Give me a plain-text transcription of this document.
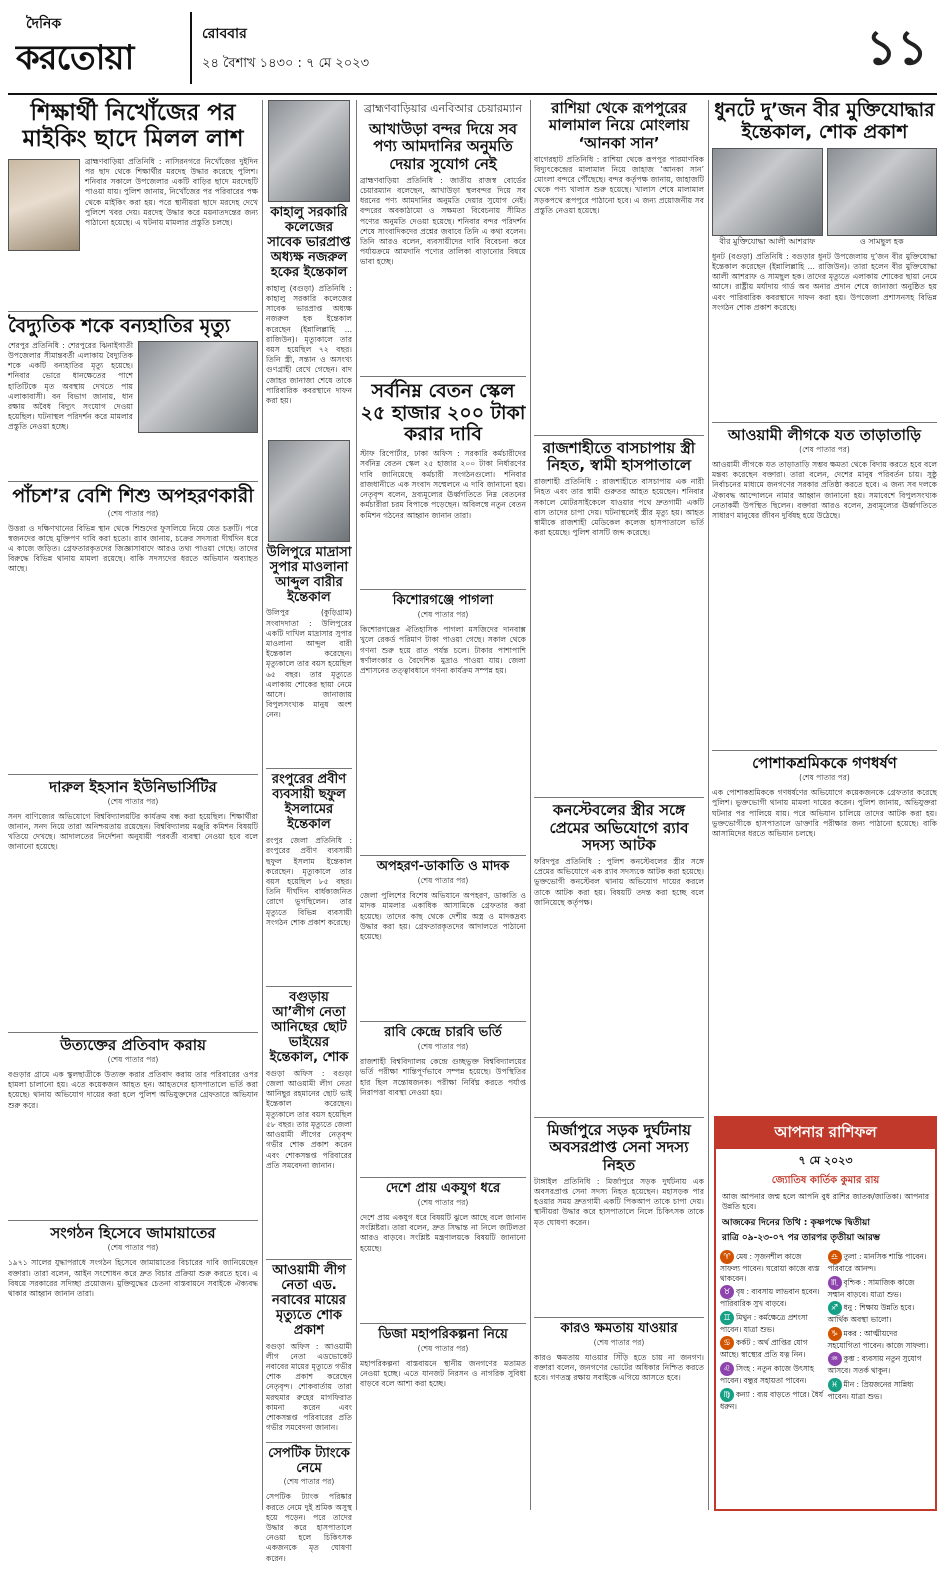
দৈনিক
করতোয়া
রোববার
২৪ বৈশাখ ১৪৩০ : ৭ মে ২০২৩	১১
শিক্ষার্থী নিখোঁজের পর মাইকিং ছাদে মিলল লাশ
ব্রাহ্মণবাড়িয়া প্রতিনিধি : নাসিরনগরে নিখোঁজের দুইদিন পর ছাদ থেকে শিক্ষার্থীর মরদেহ উদ্ধার করেছে পুলিশ। শনিবার সকালে উপজেলার একটি বাড়ির ছাদে মরদেহটি পাওয়া যায়। পুলিশ জানায়, নিখোঁজের পর পরিবারের পক্ষ থেকে মাইকিং করা হয়। পরে স্থানীয়রা ছাদে মরদেহ দেখে পুলিশে খবর দেয়। মরদেহ উদ্ধার করে ময়নাতদন্তের জন্য পাঠানো হয়েছে। এ ঘটনায় মামলার প্রস্তুতি চলছে।
বৈদ্যুতিক শকে বন্যহাতির মৃত্যু
শেরপুর প্রতিনিধি : শেরপুরের ঝিনাইগাতী উপজেলার সীমান্তবর্তী এলাকায় বৈদ্যুতিক শকে একটি বন্যহাতির মৃত্যু হয়েছে। শনিবার ভোরে ধানক্ষেতের পাশে হাতিটিকে মৃত অবস্থায় দেখতে পায় এলাকাবাসী। বন বিভাগ জানায়, ধান রক্ষায় অবৈধ বিদ্যুৎ সংযোগ দেওয়া হয়েছিল। ঘটনাস্থল পরিদর্শন করে মামলার প্রস্তুতি নেওয়া হচ্ছে।
পাঁচশ’র বেশি শিশু অপহরণকারী
(শেষ পাতার পর)
উত্তরা ও দক্ষিণখানের বিভিন্ন স্থান থেকে শিশুদের ফুসলিয়ে নিয়ে যেত চক্রটি। পরে স্বজনদের কাছে মুক্তিপণ দাবি করা হতো। র‌্যাব জানায়, চক্রের সদস্যরা দীর্ঘদিন ধরে এ কাজে জড়িত। গ্রেফতারকৃতদের জিজ্ঞাসাবাদে আরও তথ্য পাওয়া গেছে। তাদের বিরুদ্ধে বিভিন্ন থানায় মামলা রয়েছে। বাকি সদস্যদের ধরতে অভিযান অব্যাহত আছে।
দারুল ইহসান ইউনিভার্সিটির
(শেষ পাতার পর)
সনদ বাণিজ্যের অভিযোগে বিশ্ববিদ্যালয়টির কার্যক্রম বন্ধ করা হয়েছিল। শিক্ষার্থীরা জানান, সনদ নিয়ে তারা অনিশ্চয়তায় রয়েছেন। বিশ্ববিদ্যালয় মঞ্জুরি কমিশন বিষয়টি খতিয়ে দেখছে। আদালতের নির্দেশনা অনুযায়ী পরবর্তী ব্যবস্থা নেওয়া হবে বলে জানানো হয়েছে।
উত্যক্তের প্রতিবাদ করায়
(শেষ পাতার পর)
বগুড়ার গ্রামে এক স্কুলছাত্রীকে উত্যক্ত করার প্রতিবাদ করায় তার পরিবারের ওপর হামলা চালানো হয়। এতে কয়েকজন আহত হন। আহতদের হাসপাতালে ভর্তি করা হয়েছে। থানায় অভিযোগ দায়ের করা হলে পুলিশ অভিযুক্তদের গ্রেফতারে অভিযান শুরু করে।
সংগঠন হিসেবে জামায়াতের
(শেষ পাতার পর)
১৯৭১ সালের যুদ্ধাপরাধে সংগঠন হিসেবে জামায়াতের বিচারের দাবি জানিয়েছেন বক্তারা। তারা বলেন, আইন সংশোধন করে দ্রুত বিচার প্রক্রিয়া শুরু করতে হবে। এ বিষয়ে সরকারের সদিচ্ছা প্রয়োজন। মুক্তিযুদ্ধের চেতনা বাস্তবায়নে সবাইকে ঐক্যবদ্ধ থাকার আহ্বান জানান তারা।
কাহালু সরকারি কলেজের সাবেক ভারপ্রাপ্ত অধ্যক্ষ নজরুল হকের ইন্তেকাল
কাহালু (বগুড়া) প্রতিনিধি : কাহালু সরকারি কলেজের সাবেক ভারপ্রাপ্ত অধ্যক্ষ নজরুল হক ইন্তেকাল করেছেন (ইন্নালিল্লাহি ... রাজিউন)। মৃত্যুকালে তার বয়স হয়েছিল ৭২ বছর। তিনি স্ত্রী, সন্তান ও অসংখ্য গুণগ্রাহী রেখে গেছেন। বাদ জোহর জানাজা শেষে তাকে পারিবারিক কবরস্থানে দাফন করা হয়।
উলিপুরে মাদ্রাসা সুপার মাওলানা আব্দুল বারীর ইন্তেকাল
উলিপুর (কুড়িগ্রাম) সংবাদদাতা : উলিপুরের একটি দাখিল মাদ্রাসার সুপার মাওলানা আব্দুল বারী ইন্তেকাল করেছেন। মৃত্যুকালে তার বয়স হয়েছিল ৬৫ বছর। তার মৃত্যুতে এলাকায় শোকের ছায়া নেমে আসে। জানাজায় বিপুলসংখ্যক মানুষ অংশ নেন।
রংপুরের প্রবীণ ব্যবসায়ী ছফুল ইসলামের ইন্তেকাল
রংপুর জেলা প্রতিনিধি : রংপুরের প্রবীণ ব্যবসায়ী ছফুল ইসলাম ইন্তেকাল করেছেন। মৃত্যুকালে তার বয়স হয়েছিল ৮৫ বছর। তিনি দীর্ঘদিন বার্ধক্যজনিত রোগে ভুগছিলেন। তার মৃত্যুতে বিভিন্ন ব্যবসায়ী সংগঠন শোক প্রকাশ করেছে।
বগুড়ায় আ’লীগ নেতা আনিছের ছোট ভাইয়ের ইন্তেকাল, শোক
বগুড়া অফিস : বগুড়া জেলা আওয়ামী লীগ নেতা আনিছুর রহমানের ছোট ভাই ইন্তেকাল করেছেন। মৃত্যুকালে তার বয়স হয়েছিল ৫৮ বছর। তার মৃত্যুতে জেলা আওয়ামী লীগের নেতৃবৃন্দ গভীর শোক প্রকাশ করেন এবং শোকসন্তপ্ত পরিবারের প্রতি সমবেদনা জানান।
আওয়ামী লীগ নেতা এড. নবাবের মায়ের মৃত্যুতে শোক প্রকাশ
বগুড়া অফিস : আওয়ামী লীগ নেতা এডভোকেট নবাবের মায়ের মৃত্যুতে গভীর শোক প্রকাশ করেছেন নেতৃবৃন্দ। শোকবার্তায় তারা মরহুমার রুহের মাগফিরাত কামনা করেন এবং শোকসন্তপ্ত পরিবারের প্রতি গভীর সমবেদনা জানান।
সেপটিক ট্যাংকে নেমে
(শেষ পাতার পর)
সেপটিক ট্যাংক পরিষ্কার করতে নেমে দুই শ্রমিক অসুস্থ হয়ে পড়েন। পরে তাদের উদ্ধার করে হাসপাতালে নেওয়া হলে চিকিৎসক একজনকে মৃত ঘোষণা করেন।
ব্রাহ্মণবাড়িয়ার এনবিআর চেয়ারম্যান
আখাউড়া বন্দর দিয়ে সব পণ্য আমদানির অনুমতি দেয়ার সুযোগ নেই
ব্রাহ্মণবাড়িয়া প্রতিনিধি : জাতীয় রাজস্ব বোর্ডের চেয়ারম্যান বলেছেন, আখাউড়া স্থলবন্দর দিয়ে সব ধরনের পণ্য আমদানির অনুমতি দেয়ার সুযোগ নেই। বন্দরের অবকাঠামো ও সক্ষমতা বিবেচনায় সীমিত পণ্যের অনুমতি দেওয়া হয়েছে। শনিবার বন্দর পরিদর্শন শেষে সাংবাদিকদের প্রশ্নের জবাবে তিনি এ কথা বলেন। তিনি আরও বলেন, ব্যবসায়ীদের দাবি বিবেচনা করে পর্যায়ক্রমে আমদানি পণ্যের তালিকা বাড়ানোর বিষয়ে ভাবা হচ্ছে।
সর্বনিম্ন বেতন স্কেল ২৫ হাজার ২০০ টাকা করার দাবি
স্টাফ রিপোর্টার, ঢাকা অফিস : সরকারি কর্মচারীদের সর্বনিম্ন বেতন স্কেল ২৫ হাজার ২০০ টাকা নির্ধারণের দাবি জানিয়েছে কর্মচারী সংগঠনগুলো। শনিবার রাজধানীতে এক সংবাদ সম্মেলনে এ দাবি জানানো হয়। নেতৃবৃন্দ বলেন, দ্রব্যমূল্যের ঊর্ধ্বগতিতে নিম্ন বেতনের কর্মচারীরা চরম বিপাকে পড়েছেন। অবিলম্বে নতুন বেতন কমিশন গঠনের আহ্বান জানান তারা।
কিশোরগঞ্জে পাগলা
(শেষ পাতার পর)
কিশোরগঞ্জের ঐতিহাসিক পাগলা মসজিদের দানবাক্স খুলে রেকর্ড পরিমাণ টাকা পাওয়া গেছে। সকাল থেকে গণনা শুরু হয়ে রাত পর্যন্ত চলে। টাকার পাশাপাশি স্বর্ণালংকার ও বৈদেশিক মুদ্রাও পাওয়া যায়। জেলা প্রশাসনের তত্ত্বাবধানে গণনা কার্যক্রম সম্পন্ন হয়।
অপহরণ-ডাকাতি ও মাদক
(শেষ পাতার পর)
জেলা পুলিশের বিশেষ অভিযানে অপহরণ, ডাকাতি ও মাদক মামলার একাধিক আসামিকে গ্রেফতার করা হয়েছে। তাদের কাছ থেকে দেশীয় অস্ত্র ও মাদকদ্রব্য উদ্ধার করা হয়। গ্রেফতারকৃতদের আদালতে পাঠানো হয়েছে।
রাবি কেন্দ্রে চারবি ভর্তি
(শেষ পাতার পর)
রাজশাহী বিশ্ববিদ্যালয় কেন্দ্রে গুচ্ছভুক্ত বিশ্ববিদ্যালয়ের ভর্তি পরীক্ষা শান্তিপূর্ণভাবে সম্পন্ন হয়েছে। উপস্থিতির হার ছিল সন্তোষজনক। পরীক্ষা নির্বিঘ্ন করতে পর্যাপ্ত নিরাপত্তা ব্যবস্থা নেওয়া হয়।
দেশে প্রায় একযুগ ধরে
(শেষ পাতার পর)
দেশে প্রায় একযুগ ধরে বিষয়টি ঝুলে আছে বলে জানান সংশ্লিষ্টরা। তারা বলেন, দ্রুত সিদ্ধান্ত না নিলে জটিলতা আরও বাড়বে। সংশ্লিষ্ট মন্ত্রণালয়কে বিষয়টি জানানো হয়েছে।
ডিজা মহাপরিকল্পনা নিয়ে
(শেষ পাতার পর)
মহাপরিকল্পনা বাস্তবায়নে স্থানীয় জনগণের মতামত নেওয়া হচ্ছে। এতে যানজট নিরসন ও নাগরিক সুবিধা বাড়বে বলে আশা করা হচ্ছে।
রাশিয়া থেকে রূপপুরের মালামাল নিয়ে মোংলায় ‘আনকা সান’
বাগেরহাট প্রতিনিধি : রাশিয়া থেকে রূপপুর পারমাণবিক বিদ্যুৎকেন্দ্রের মালামাল নিয়ে জাহাজ ‘আনকা সান’ মোংলা বন্দরে পৌঁছেছে। বন্দর কর্তৃপক্ষ জানায়, জাহাজটি থেকে পণ্য খালাস শুরু হয়েছে। খালাস শেষে মালামাল সড়কপথে রূপপুরে পাঠানো হবে। এ জন্য প্রয়োজনীয় সব প্রস্তুতি নেওয়া হয়েছে।
রাজশাহীতে বাসচাপায় স্ত্রী নিহত, স্বামী হাসপাতালে
রাজশাহী প্রতিনিধি : রাজশাহীতে বাসচাপায় এক নারী নিহত এবং তার স্বামী গুরুতর আহত হয়েছেন। শনিবার সকালে মোটরসাইকেলে যাওয়ার পথে দ্রুতগামী একটি বাস তাদের চাপা দেয়। ঘটনাস্থলেই স্ত্রীর মৃত্যু হয়। আহত স্বামীকে রাজশাহী মেডিকেল কলেজ হাসপাতালে ভর্তি করা হয়েছে। পুলিশ বাসটি জব্দ করেছে।
কনস্টেবলের স্ত্রীর সঙ্গে প্রেমের অভিযোগে র‌্যাব সদস্য আটক
ফরিদপুর প্রতিনিধি : পুলিশ কনস্টেবলের স্ত্রীর সঙ্গে প্রেমের অভিযোগে এক র‌্যাব সদস্যকে আটক করা হয়েছে। ভুক্তভোগী কনস্টেবল থানায় অভিযোগ দায়ের করলে তাকে আটক করা হয়। বিষয়টি তদন্ত করা হচ্ছে বলে জানিয়েছে কর্তৃপক্ষ।
মির্জাপুরে সড়ক দুর্ঘটনায় অবসরপ্রাপ্ত সেনা সদস্য নিহত
টাঙ্গাইল প্রতিনিধি : মির্জাপুরে সড়ক দুর্ঘটনায় এক অবসরপ্রাপ্ত সেনা সদস্য নিহত হয়েছেন। মহাসড়ক পার হওয়ার সময় দ্রুতগামী একটি পিকআপ তাকে চাপা দেয়। স্থানীয়রা উদ্ধার করে হাসপাতালে নিলে চিকিৎসক তাকে মৃত ঘোষণা করেন।
কারও ক্ষমতায় যাওয়ার
(শেষ পাতার পর)
কারও ক্ষমতায় যাওয়ার সিঁড়ি হতে চায় না জনগণ। বক্তারা বলেন, জনগণের ভোটের অধিকার নিশ্চিত করতে হবে। গণতন্ত্র রক্ষায় সবাইকে এগিয়ে আসতে হবে।
ধুনটে দু’জন বীর মুক্তিযোদ্ধার ইন্তেকাল, শোক প্রকাশ
বীর মুক্তিযোদ্ধা আলী আশরাফ	ও সামছুল হক
ধুনট (বগুড়া) প্রতিনিধি : বগুড়ার ধুনট উপজেলায় দু’জন বীর মুক্তিযোদ্ধা ইন্তেকাল করেছেন (ইন্নালিল্লাহি ... রাজিউন)। তারা হলেন বীর মুক্তিযোদ্ধা আলী আশরাফ ও সামছুল হক। তাদের মৃত্যুতে এলাকায় শোকের ছায়া নেমে আসে। রাষ্ট্রীয় মর্যাদায় গার্ড অব অনার প্রদান শেষে জানাজা অনুষ্ঠিত হয় এবং পারিবারিক কবরস্থানে দাফন করা হয়। উপজেলা প্রশাসনসহ বিভিন্ন সংগঠন শোক প্রকাশ করেছে।
আওয়ামী লীগকে যত তাড়াতাড়ি
(শেষ পাতার পর)
আওয়ামী লীগকে যত তাড়াতাড়ি সম্ভব ক্ষমতা থেকে বিদায় করতে হবে বলে মন্তব্য করেছেন বক্তারা। তারা বলেন, দেশের মানুষ পরিবর্তন চায়। সুষ্ঠু নির্বাচনের মাধ্যমে জনগণের সরকার প্রতিষ্ঠা করতে হবে। এ জন্য সব দলকে ঐক্যবদ্ধ আন্দোলনে নামার আহ্বান জানানো হয়। সমাবেশে বিপুলসংখ্যক নেতাকর্মী উপস্থিত ছিলেন। বক্তারা আরও বলেন, দ্রব্যমূল্যের ঊর্ধ্বগতিতে সাধারণ মানুষের জীবন দুর্বিষহ হয়ে উঠেছে।
পোশাকশ্রমিককে গণধর্ষণ
(শেষ পাতার পর)
এক পোশাকশ্রমিককে গণধর্ষণের অভিযোগে কয়েকজনকে গ্রেফতার করেছে পুলিশ। ভুক্তভোগী থানায় মামলা দায়ের করেন। পুলিশ জানায়, অভিযুক্তরা ঘটনার পর পালিয়ে যায়। পরে অভিযান চালিয়ে তাদের আটক করা হয়। ভুক্তভোগীকে হাসপাতালে ডাক্তারি পরীক্ষার জন্য পাঠানো হয়েছে। বাকি আসামিদের ধরতে অভিযান চলছে।
আপনার রাশিফল
৭ মে ২০২৩
জ্যোতিষ কার্তিক কুমার রায়
আজ আপনার জন্ম হলে আপনি বুধ রাশির জাতক/জাতিকা। আপনার উন্নতি হবে।
আজকের দিনের তিথি : কৃষ্ণপক্ষে দ্বিতীয়া
রাত্রি ০৯-২৩-০৭ পর তারপর তৃতীয়া আরম্ভ
♈ মেষ : সৃজনশীল কাজে সাফল্য পাবেন। ঘরোয়া কাজে ব্যস্ত থাকবেন।
♉ বৃষ : ব্যবসায় লাভবান হবেন। পারিবারিক সুখ বাড়বে।
♊ মিথুন : কর্মক্ষেত্রে প্রশংসা পাবেন। যাত্রা শুভ।
♋ কর্কট : অর্থ প্রাপ্তির যোগ আছে। স্বাস্থ্যের প্রতি যত্ন নিন।
♌ সিংহ : নতুন কাজে উৎসাহ পাবেন। বন্ধুর সহায়তা পাবেন।
♍ কন্যা : ব্যয় বাড়তে পারে। ধৈর্য ধরুন।
♎ তুলা : মানসিক শান্তি পাবেন। পরিবারে আনন্দ।
♏ বৃশ্চিক : সামাজিক কাজে সম্মান বাড়বে। যাত্রা শুভ।
♐ ধনু : শিক্ষায় উন্নতি হবে। আর্থিক অবস্থা ভালো।
♑ মকর : আত্মীয়দের সহযোগিতা পাবেন। কাজে সাফল্য।
♒ কুম্ভ : ব্যবসায় নতুন সুযোগ আসবে। সতর্ক থাকুন।
♓ মীন : প্রিয়জনের সান্নিধ্য পাবেন। যাত্রা শুভ।
